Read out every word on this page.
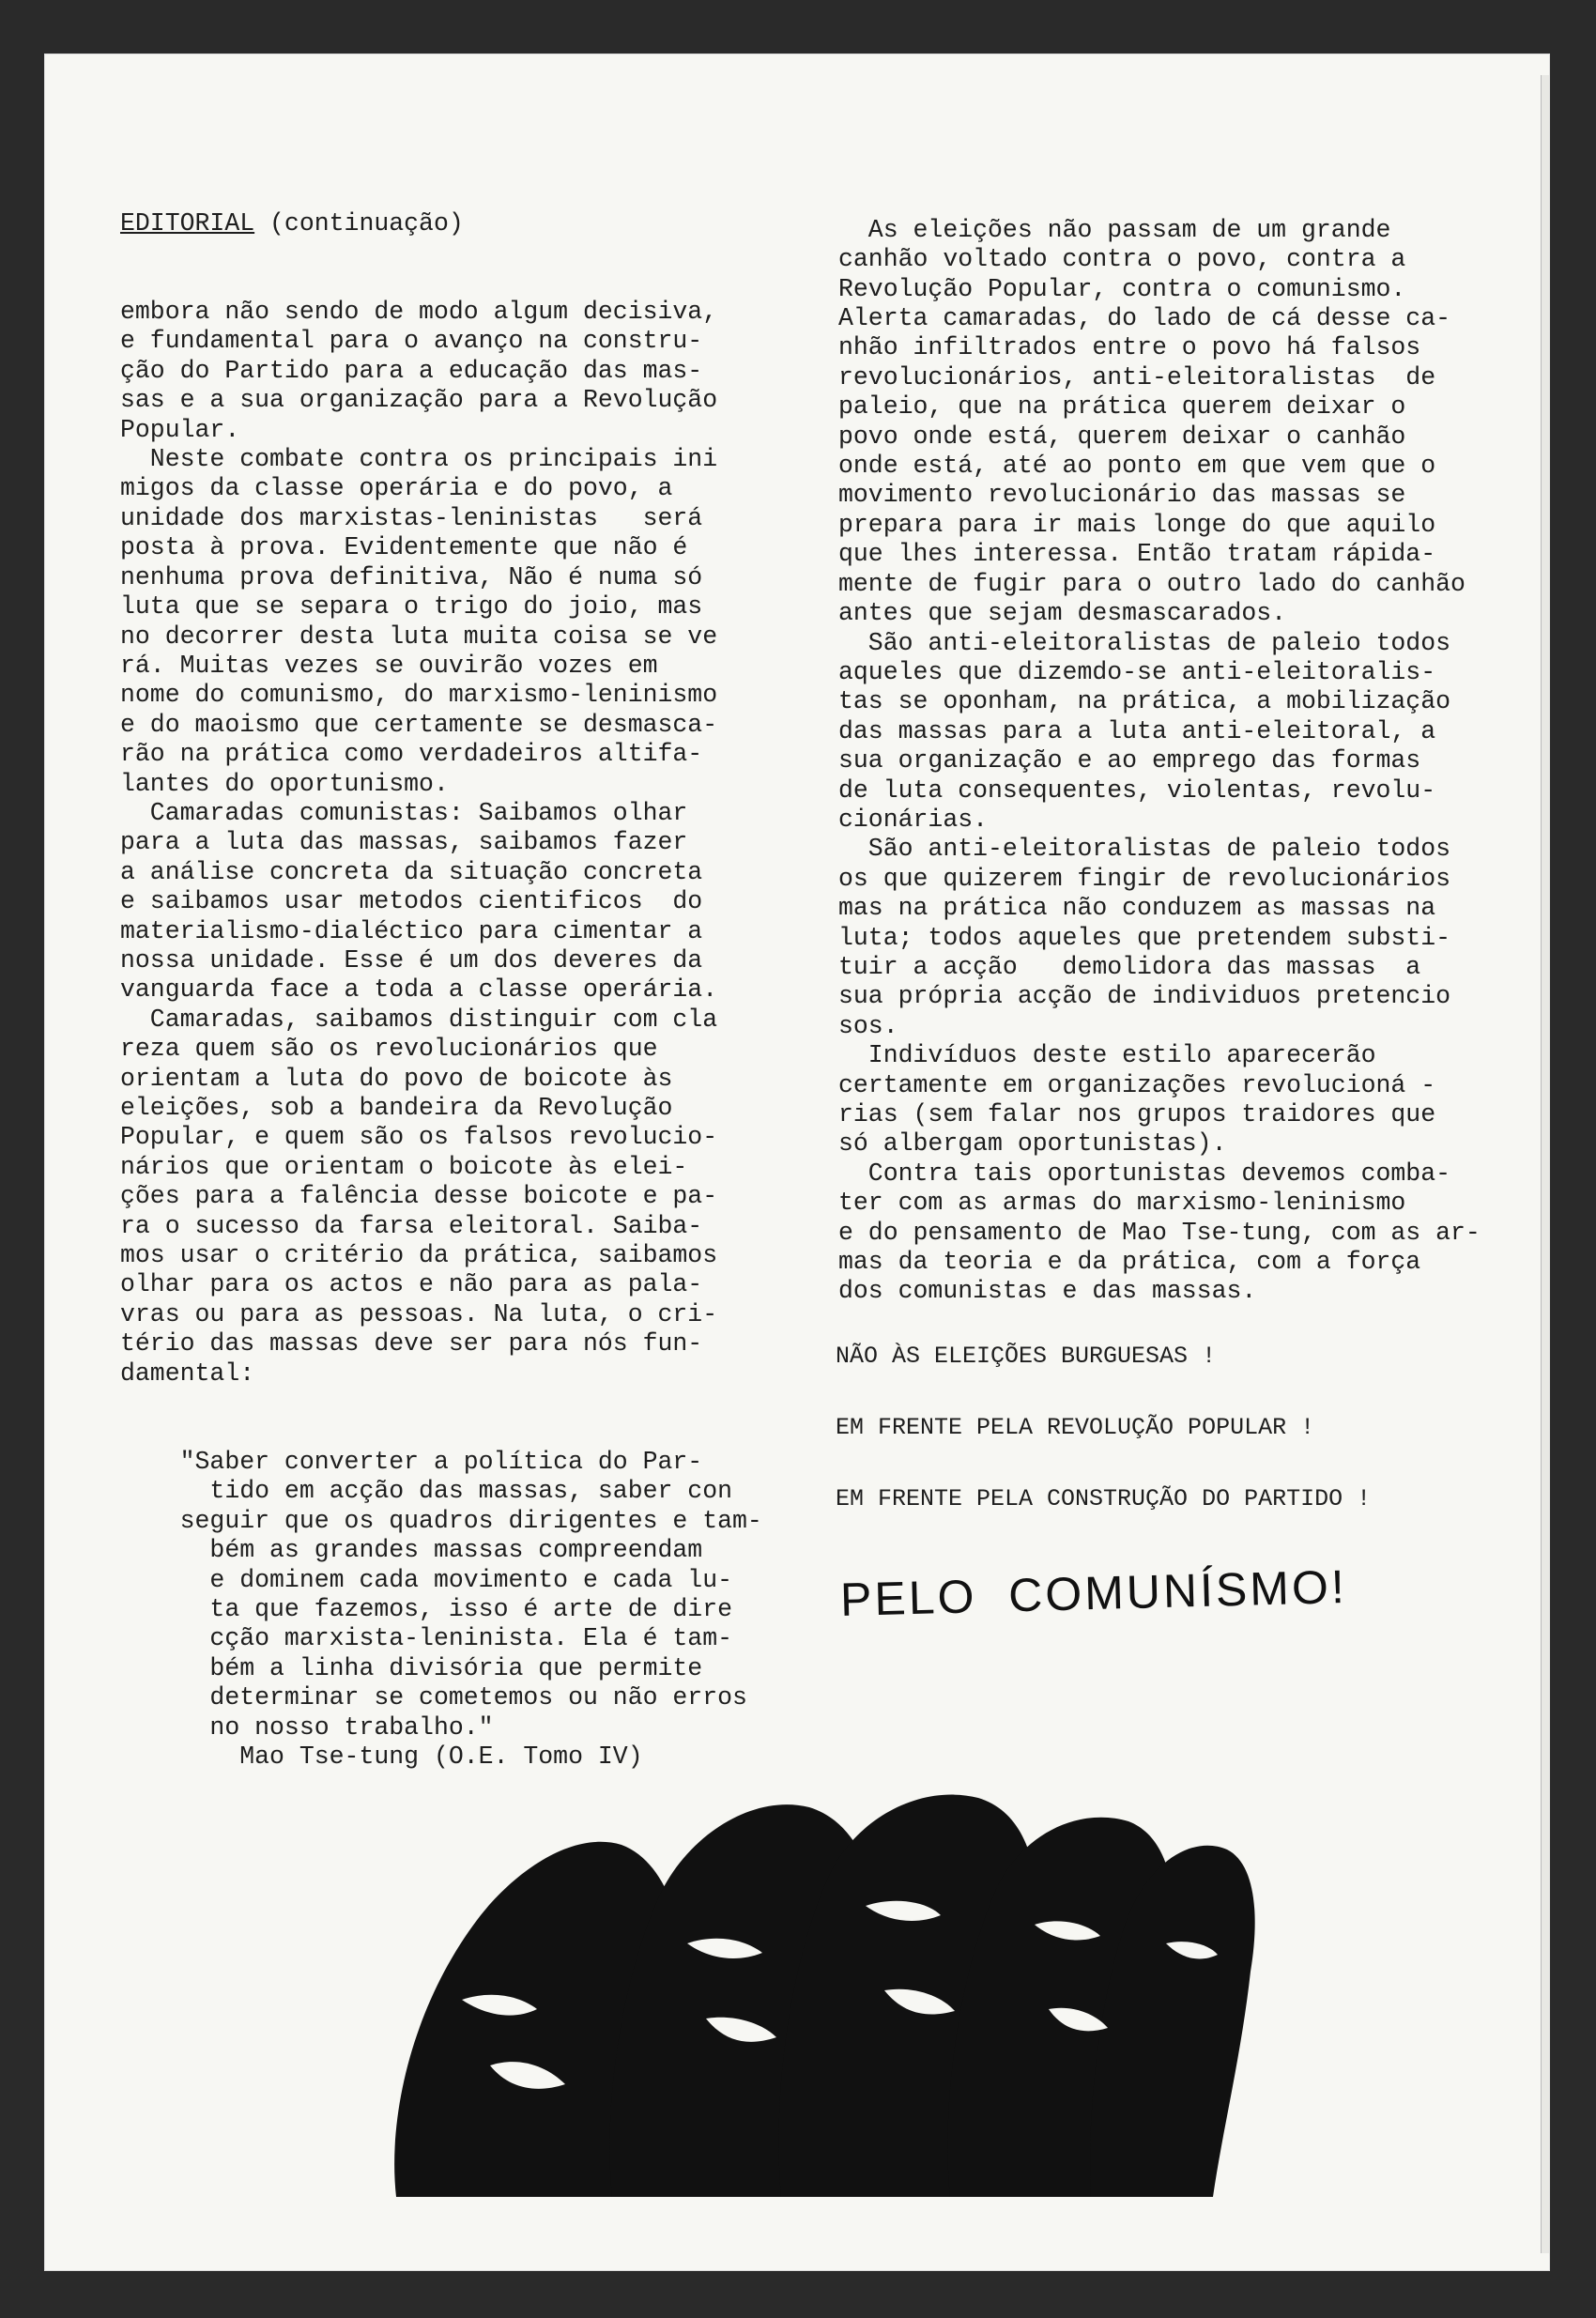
EDITORIAL (continuação)

embora não sendo de modo algum decisiva,
e fundamental para o avanço na constru-
ção do Partido para a educação das mas-
sas e a sua organização para a Revolução
Popular.
Neste combate contra os principais ini
migos da classe operária e do povo, a
unidade dos marxistas-leninistas   será
posta à prova. Evidentemente que não é
nenhuma prova definitiva, Não é numa só
luta que se separa o trigo do joio, mas
no decorrer desta luta muita coisa se ve
rá. Muitas vezes se ouvirão vozes em
nome do comunismo, do marxismo-leninismo
e do maoismo que certamente se desmasca-
rão na prática como verdadeiros altifa-
lantes do oportunismo.
Camaradas comunistas: Saibamos olhar
para a luta das massas, saibamos fazer
a análise concreta da situação concreta
e saibamos usar metodos cientificos  do
materialismo-dialéctico para cimentar a
nossa unidade. Esse é um dos deveres da
vanguarda face a toda a classe operária.
Camaradas, saibamos distinguir com cla
reza quem são os revolucionários que
orientam a luta do povo de boicote às
eleições, sob a bandeira da Revolução
Popular, e quem são os falsos revolucio-
nários que orientam o boicote às elei-
ções para a falência desse boicote e pa-
ra o sucesso da farsa eleitoral. Saiba-
mos usar o critério da prática, saibamos
olhar para os actos e não para as pala-
vras ou para as pessoas. Na luta, o cri-
tério das massas deve ser para nós fun-
damental:

"Saber converter a política do Par-
tido em acção das massas, saber con
seguir que os quadros dirigentes e tam-
bém as grandes massas compreendam
e dominem cada movimento e cada lu-
ta que fazemos, isso é arte de dire
cção marxista-leninista. Ela é tam-
bém a linha divisória que permite
determinar se cometemos ou não erros
no nosso trabalho."
Mao Tse-tung (O.E. Tomo IV)

As eleições não passam de um grande
canhão voltado contra o povo, contra a
Revolução Popular, contra o comunismo.
Alerta camaradas, do lado de cá desse ca-
nhão infiltrados entre o povo há falsos
revolucionários, anti-eleitoralistas  de
paleio, que na prática querem deixar o
povo onde está, querem deixar o canhão
onde está, até ao ponto em que vem que o
movimento revolucionário das massas se
prepara para ir mais longe do que aquilo
que lhes interessa. Então tratam rápida-
mente de fugir para o outro lado do canhão
antes que sejam desmascarados.
São anti-eleitoralistas de paleio todos
aqueles que dizemdo-se anti-eleitoralis-
tas se oponham, na prática, a mobilização
das massas para a luta anti-eleitoral, a
sua organização e ao emprego das formas
de luta consequentes, violentas, revolu-
cionárias.
São anti-eleitoralistas de paleio todos
os que quizerem fingir de revolucionários
mas na prática não conduzem as massas na
luta; todos aqueles que pretendem substi-
tuir a acção   demolidora das massas  a
sua própria acção de individuos pretencio
sos.
Indivíduos deste estilo aparecerão
certamente em organizações revolucioná -
rias (sem falar nos grupos traidores que
só albergam oportunistas).
Contra tais oportunistas devemos comba-
ter com as armas do marxismo-leninismo
e do pensamento de Mao Tse-tung, com as ar-
mas da teoria e da prática, com a força
dos comunistas e das massas.

NÃO ÀS ELEIÇÕES BURGUESAS !
EM FRENTE PELA REVOLUÇÃO POPULAR !
EM FRENTE PELA CONSTRUÇÃO DO PARTIDO !
PELO  COMUNÍSMO!
